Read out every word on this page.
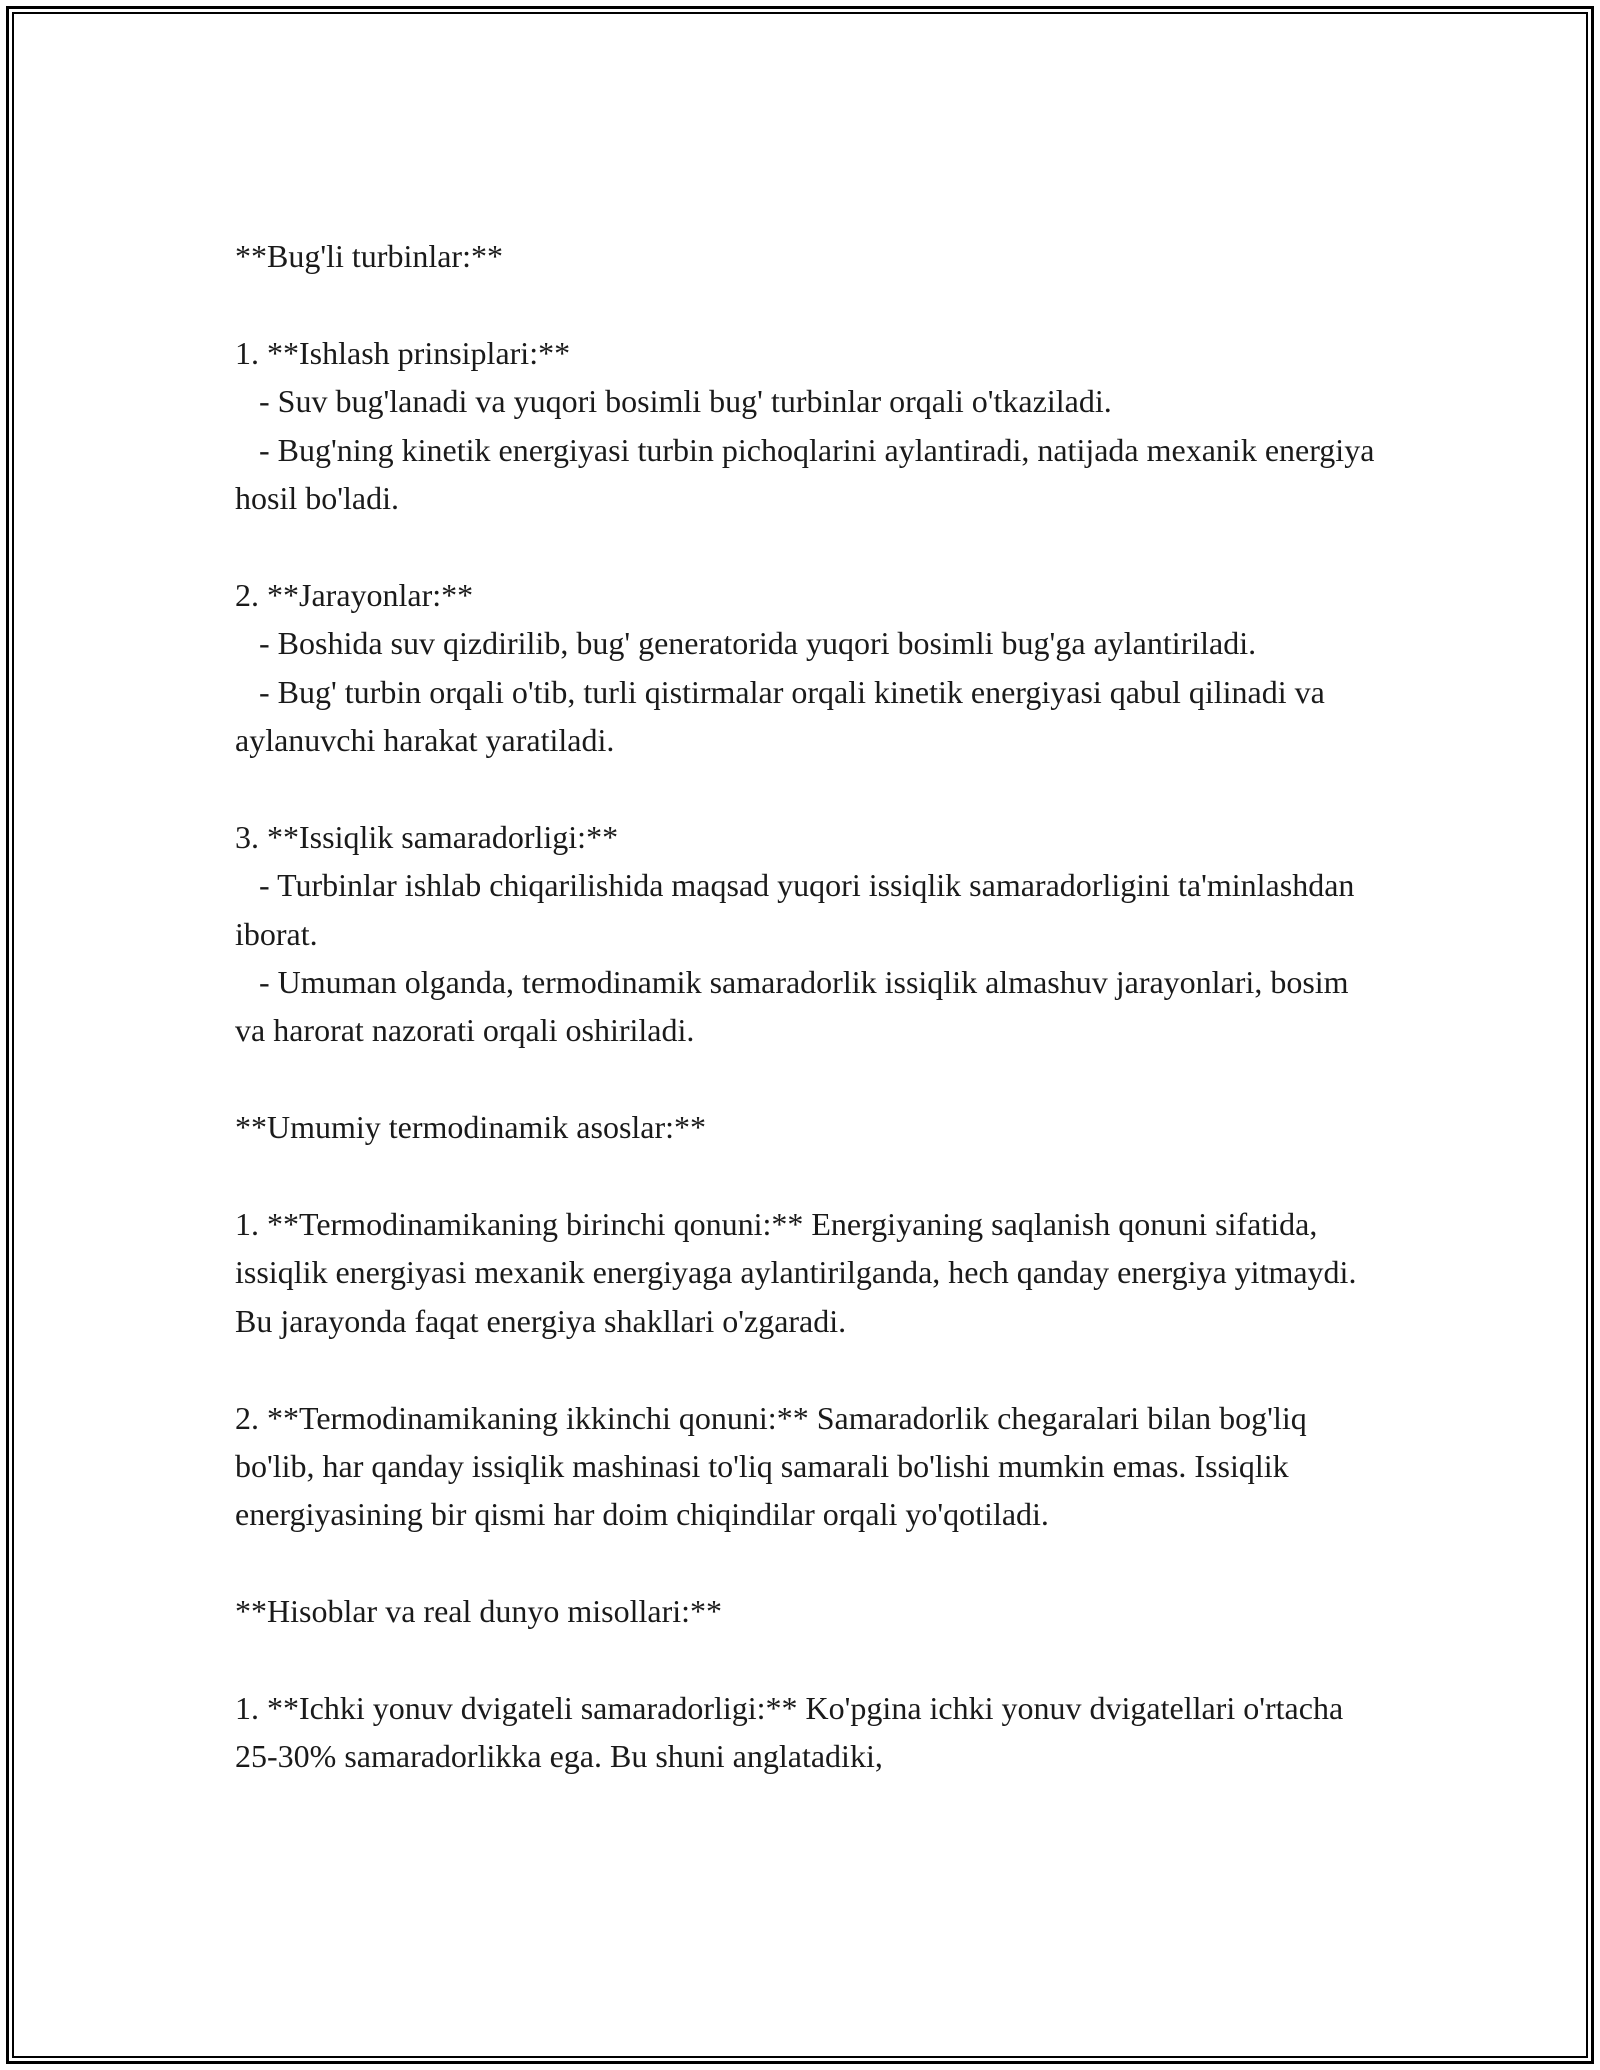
**Bug'li turbinlar:**

1. **Ishlash prinsiplari:**

- Suv bug'lanadi va yuqori bosimli bug' turbinlar orqali o'tkaziladi.

- Bug'ning kinetik energiyasi turbin pichoqlarini aylantiradi, natijada mexanik energiya hosil bo'ladi.

2. **Jarayonlar:**

- Boshida suv qizdirilib, bug' generatorida yuqori bosimli bug'ga aylantiriladi.

- Bug' turbin orqali o'tib, turli qistirmalar orqali kinetik energiyasi qabul qilinadi va aylanuvchi harakat yaratiladi.

3. **Issiqlik samaradorligi:**

- Turbinlar ishlab chiqarilishida maqsad yuqori issiqlik samaradorligini ta'minlashdan iborat.

- Umuman olganda, termodinamik samaradorlik issiqlik almashuv jarayonlari, bosim va harorat nazorati orqali oshiriladi.

**Umumiy termodinamik asoslar:**

1. **Termodinamikaning birinchi qonuni:** Energiyaning saqlanish qonuni sifatida, issiqlik energiyasi mexanik energiyaga aylantirilganda, hech qanday energiya yitmaydi. Bu jarayonda faqat energiya shakllari o'zgaradi.

2. **Termodinamikaning ikkinchi qonuni:** Samaradorlik chegaralari bilan bog'liq bo'lib, har qanday issiqlik mashinasi to'liq samarali bo'lishi mumkin emas. Issiqlik energiyasining bir qismi har doim chiqindilar orqali yo'qotiladi.

**Hisoblar va real dunyo misollari:**

1. **Ichki yonuv dvigateli samaradorligi:** Ko'pgina ichki yonuv dvigatellari o'rtacha 25-30% samaradorlikka ega. Bu shuni anglatadiki,
